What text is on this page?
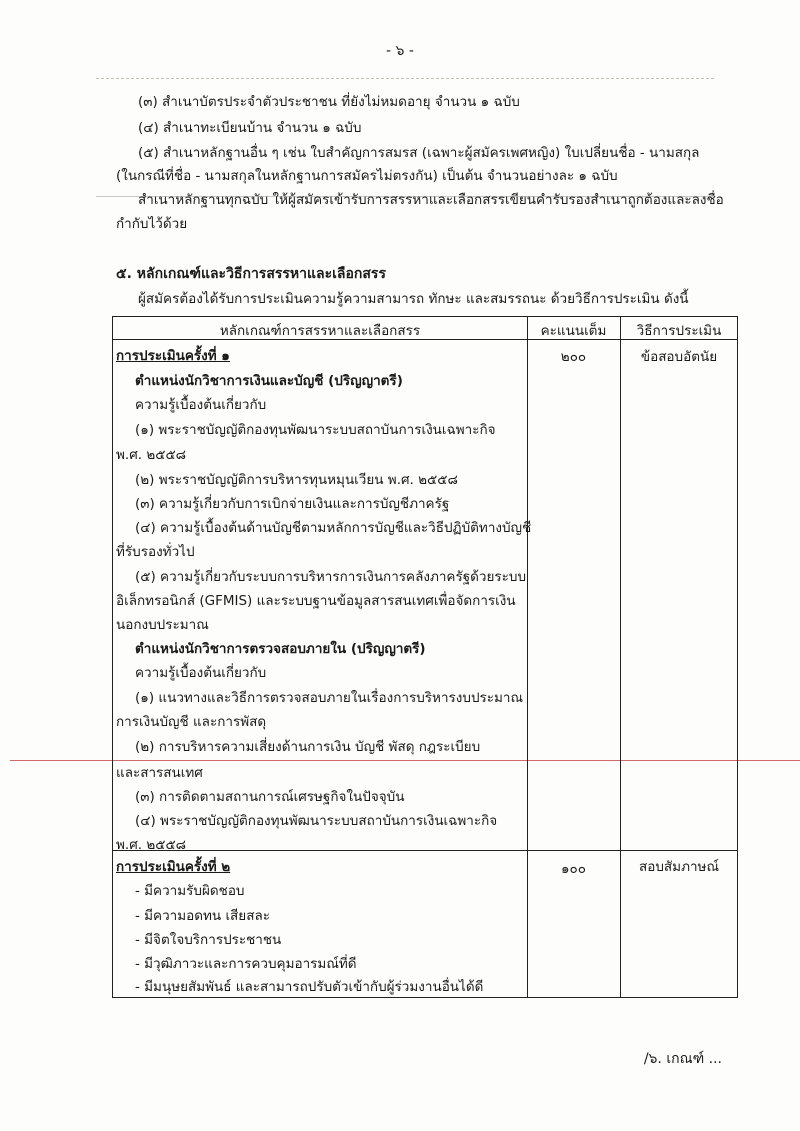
- ๖ -
(๓) สำเนาบัตรประจำตัวประชาชน ที่ยังไม่หมดอายุ จำนวน ๑ ฉบับ
(๔) สำเนาทะเบียนบ้าน จำนวน ๑ ฉบับ
(๕) สำเนาหลักฐานอื่น ๆ เช่น ใบสำคัญการสมรส (เฉพาะผู้สมัครเพศหญิง) ใบเปลี่ยนชื่อ - นามสกุล
(ในกรณีที่ชื่อ - นามสกุลในหลักฐานการสมัครไม่ตรงกัน) เป็นต้น จำนวนอย่างละ ๑ ฉบับ
สำเนาหลักฐานทุกฉบับ ให้ผู้สมัครเข้ารับการสรรหาและเลือกสรรเขียนคำรับรองสำเนาถูกต้องและลงชื่อ
กำกับไว้ด้วย
๕. หลักเกณฑ์และวิธีการสรรหาและเลือกสรร
ผู้สมัครต้องได้รับการประเมินความรู้ความสามารถ ทักษะ และสมรรถนะ ด้วยวิธีการประเมิน ดังนี้
หลักเกณฑ์การสรรหาและเลือกสรร	คะแนนเต็ม	วิธีการประเมิน
การประเมินครั้งที่ ๑	๒๐๐	ข้อสอบอัตนัย
ตำแหน่งนักวิชาการเงินและบัญชี (ปริญญาตรี)
ความรู้เบื้องต้นเกี่ยวกับ
(๑) พระราชบัญญัติกองทุนพัฒนาระบบสถาบันการเงินเฉพาะกิจ
พ.ศ. ๒๕๕๘
(๒) พระราชบัญญัติการบริหารทุนหมุนเวียน พ.ศ. ๒๕๕๘
(๓) ความรู้เกี่ยวกับการเบิกจ่ายเงินและการบัญชีภาครัฐ
(๔) ความรู้เบื้องต้นด้านบัญชีตามหลักการบัญชีและวิธีปฏิบัติทางบัญชี
ที่รับรองทั่วไป
(๕) ความรู้เกี่ยวกับระบบการบริหารการเงินการคลังภาครัฐด้วยระบบ
อิเล็กทรอนิกส์ (GFMIS) และระบบฐานข้อมูลสารสนเทศเพื่อจัดการเงิน
นอกงบประมาณ
ตำแหน่งนักวิชาการตรวจสอบภายใน (ปริญญาตรี)
ความรู้เบื้องต้นเกี่ยวกับ
(๑) แนวทางและวิธีการตรวจสอบภายในเรื่องการบริหารงบประมาณ
การเงินบัญชี และการพัสดุ
(๒) การบริหารความเสี่ยงด้านการเงิน บัญชี พัสดุ กฎระเบียบ
และสารสนเทศ
(๓) การติดตามสถานการณ์เศรษฐกิจในปัจจุบัน
(๔) พระราชบัญญัติกองทุนพัฒนาระบบสถาบันการเงินเฉพาะกิจ
พ.ศ. ๒๕๕๘
การประเมินครั้งที่ ๒	๑๐๐	สอบสัมภาษณ์
- มีความรับผิดชอบ
- มีความอดทน เสียสละ
- มีจิตใจบริการประชาชน
- มีวุฒิภาวะและการควบคุมอารมณ์ที่ดี
- มีมนุษยสัมพันธ์ และสามารถปรับตัวเข้ากับผู้ร่วมงานอื่นได้ดี
/๖. เกณฑ์ ...
